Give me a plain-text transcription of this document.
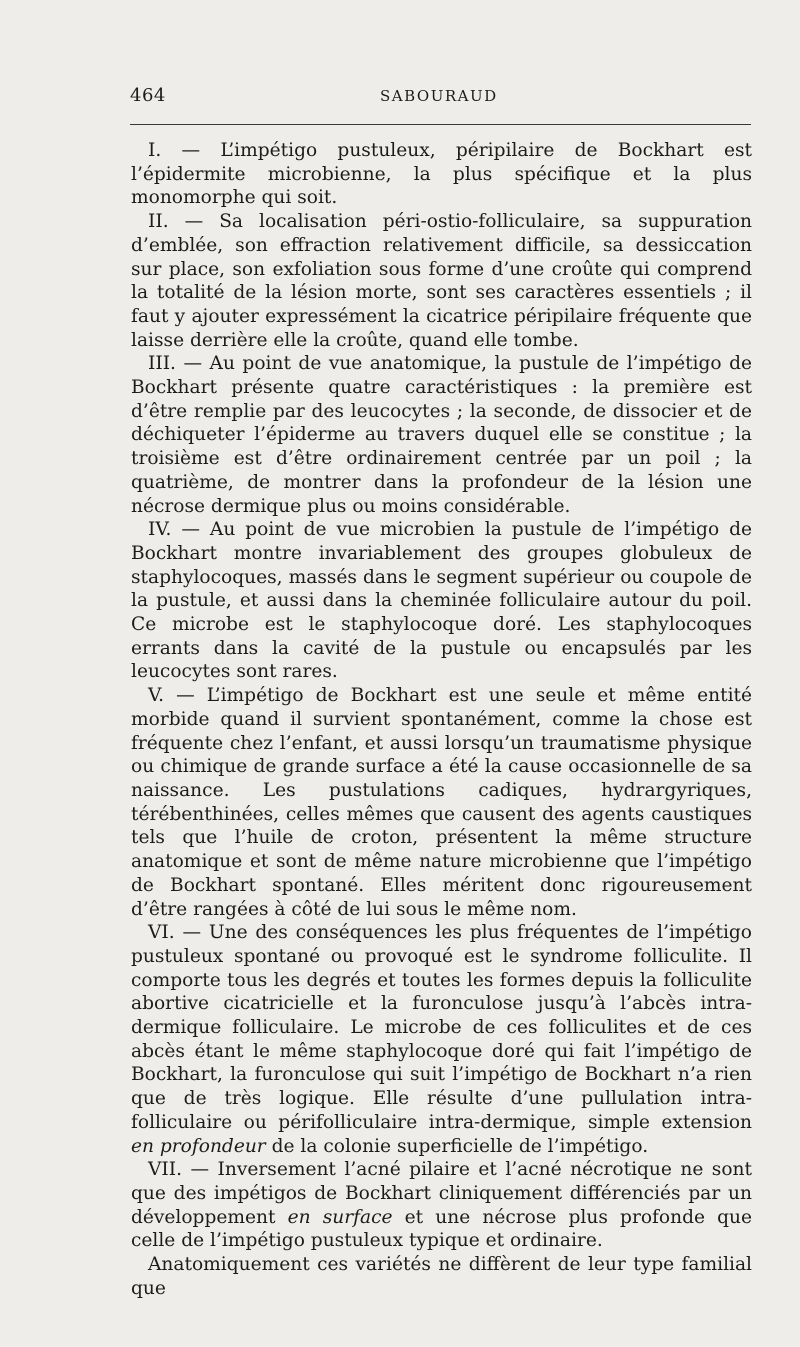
464	SABOURAUD

I. — L’impétigo pustuleux, péripilaire de Bockhart est l’épidermite microbienne, la plus spécifique et la plus monomorphe qui soit.

II. — Sa localisation péri-ostio-folliculaire, sa suppuration d’emblée, son effraction relativement difficile, sa dessiccation sur place, son exfoliation sous forme d’une croûte qui comprend la totalité de la lésion morte, sont ses caractères essentiels ; il faut y ajouter expressément la cicatrice péripilaire fréquente que laisse derrière elle la croûte, quand elle tombe.

III. — Au point de vue anatomique, la pustule de l’impétigo de Bockhart présente quatre caractéristiques : la première est d’être remplie par des leucocytes ; la seconde, de dissocier et de déchiqueter l’épiderme au travers duquel elle se constitue ; la troisième est d’être ordinairement centrée par un poil ; la quatrième, de montrer dans la profondeur de la lésion une nécrose dermique plus ou moins considérable.

IV. — Au point de vue microbien la pustule de l’impétigo de Bockhart montre invariablement des groupes globuleux de staphylocoques, massés dans le segment supérieur ou coupole de la pustule, et aussi dans la cheminée folliculaire autour du poil. Ce microbe est le staphylocoque doré. Les staphylocoques errants dans la cavité de la pustule ou encapsulés par les leucocytes sont rares.

V. — L’impétigo de Bockhart est une seule et même entité morbide quand il survient spontanément, comme la chose est fréquente chez l’enfant, et aussi lorsqu’un traumatisme physique ou chimique de grande surface a été la cause occasionnelle de sa naissance. Les pustulations cadiques, hydrargyriques, térébenthinées, celles mêmes que causent des agents caustiques tels que l’huile de croton, présentent la même structure anatomique et sont de même nature microbienne que l’impétigo de Bockhart spontané. Elles méritent donc rigoureusement d’être rangées à côté de lui sous le même nom.

VI. — Une des conséquences les plus fréquentes de l’impétigo pustuleux spontané ou provoqué est le syndrome folliculite. Il comporte tous les degrés et toutes les formes depuis la folliculite abortive cicatricielle et la furonculose jusqu’à l’abcès intra-dermique folliculaire. Le microbe de ces folliculites et de ces abcès étant le même staphylocoque doré qui fait l’impétigo de Bockhart, la furonculose qui suit l’impétigo de Bockhart n’a rien que de très logique. Elle résulte d’une pullulation intra-folliculaire ou périfolliculaire intra-dermique, simple extension en profondeur de la colonie superficielle de l’impétigo.

VII. — Inversement l’acné pilaire et l’acné nécrotique ne sont que des impétigos de Bockhart cliniquement différenciés par un développement en surface et une nécrose plus profonde que celle de l’impétigo pustuleux typique et ordinaire.

Anatomiquement ces variétés ne diffèrent de leur type familial que
